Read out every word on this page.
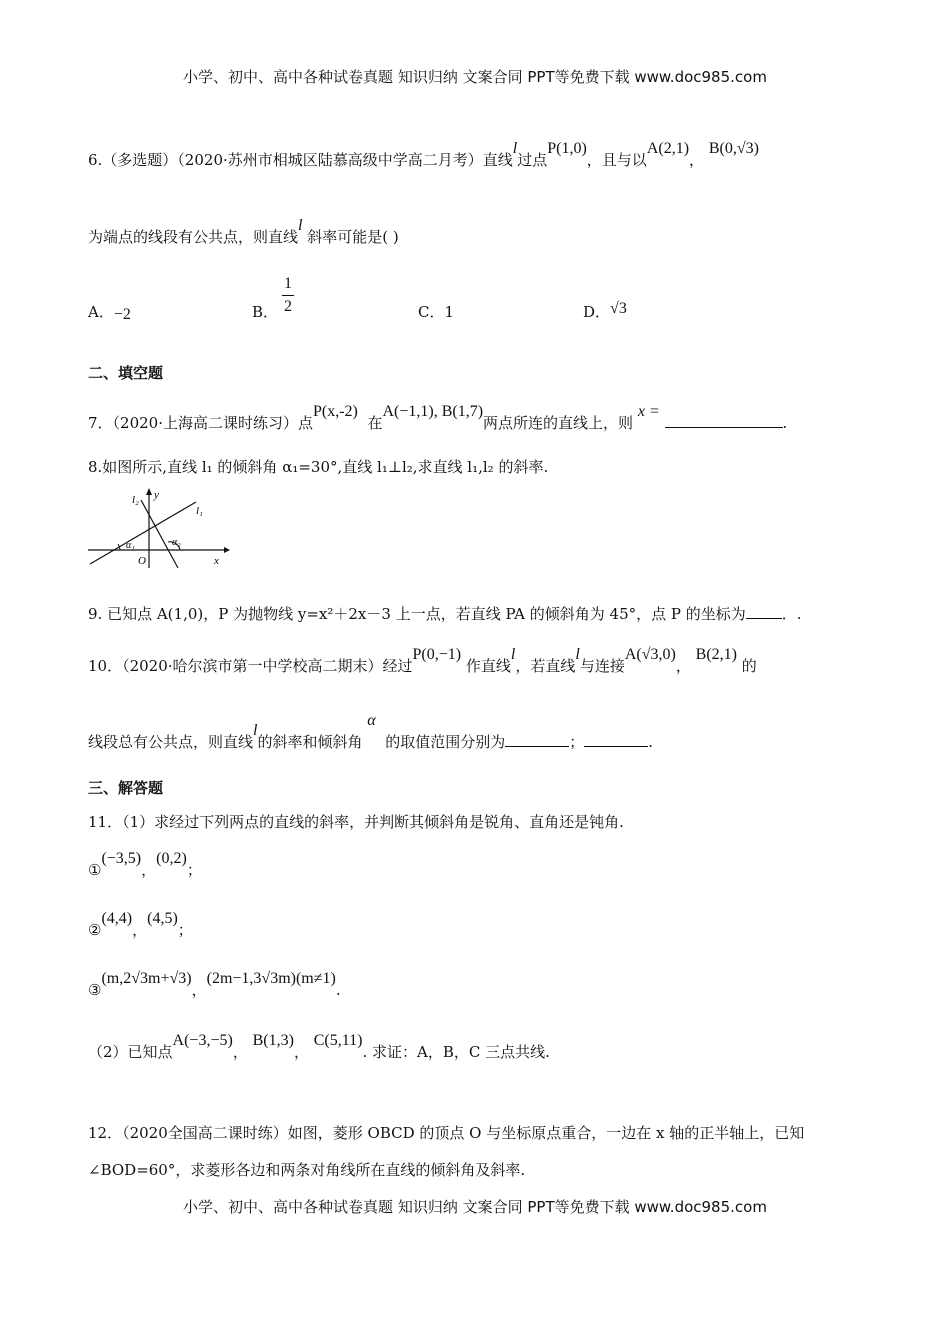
小学、初中、高中各种试卷真题 知识归纳 文案合同 PPT等免费下载 www.doc985.com
6.（多选题）（2020·苏州市相城区陆慕高级中学高二月考）直线l过点P(1,0)，且与以A(2,1)， B(0,√3)
为端点的线段有公共点，则直线l 斜率可能是( )
A．−2	B．
1
2	C．1	D．√3
二、填空题
7．（2020·上海高二课时练习）点P(x,-2)  在A(−1,1), B(1,7)两点所连的直线上，则 x = .
8.如图所示,直线 l₁ 的倾斜角 α₁=30°,直线 l₁⊥l₂,求直线 l₁,l₂ 的斜率.
l₂ y
l₁
α₁	α₂
O	x
9. 已知点 A(1,0)，P 为抛物线 y=x²＋2x－3 上一点，若直线 PA 的倾斜角为 45°，点 P 的坐标为 ．.
10．（2020·哈尔滨市第一中学校高二期末）经过P(0,−1) 作直线l，若直线l与连接A(√3,0)， B(2,1) 的
线段总有公共点，则直线l的斜率和倾斜角 α  的取值范围分别为	；	.
三、解答题
11．（1）求经过下列两点的直线的斜率，并判断其倾斜角是锐角、直角还是钝角.
①(−3,5)，(0,2)；
②(4,4)，(4,5)；
③(m,2√3m+√3)，(2m−1,3√3m)(m≠1).
（2）已知点A(−3,−5)， B(1,3)， C(5,11). 求证：A，B，C 三点共线.
12．（2020全国高二课时练）如图，菱形 OBCD 的顶点 O 与坐标原点重合，一边在 x 轴的正半轴上，已知
∠BOD=60°，求菱形各边和两条对角线所在直线的倾斜角及斜率.
小学、初中、高中各种试卷真题 知识归纳 文案合同 PPT等免费下载 www.doc985.com
